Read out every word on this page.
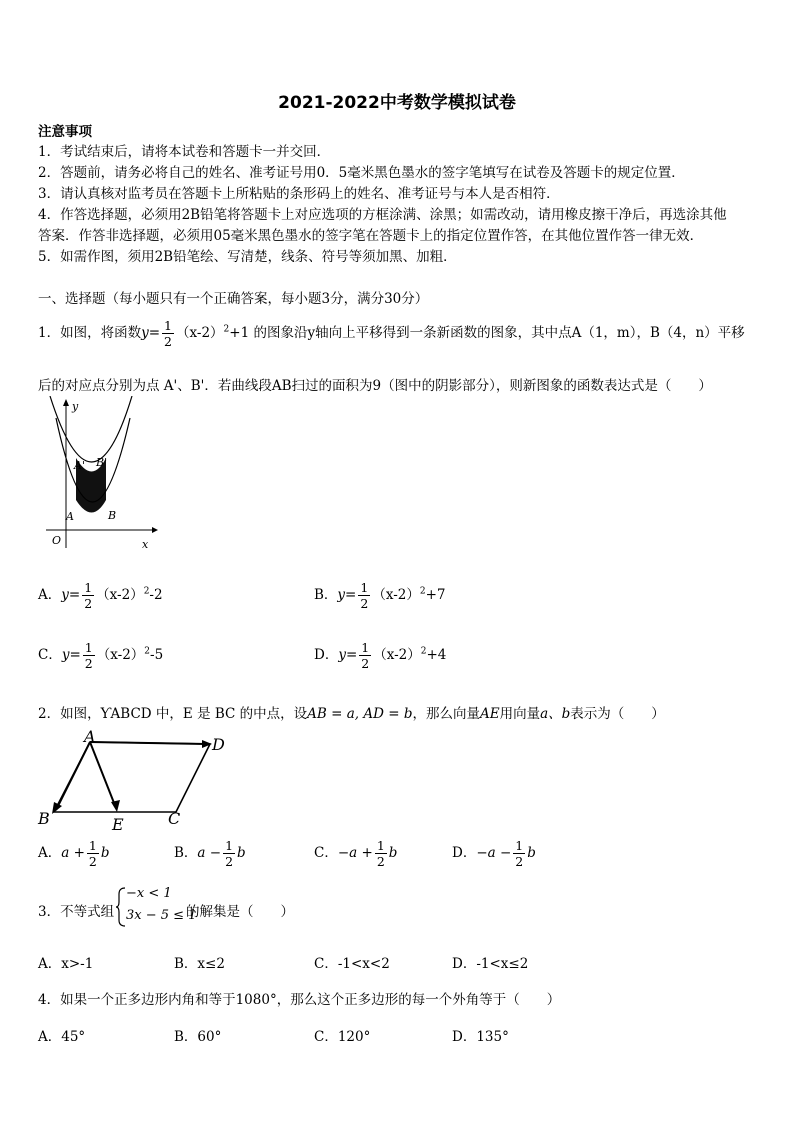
2021-2022中考数学模拟试卷
注意事项
1．考试结束后，请将本试卷和答题卡一并交回．
2．答题前，请务必将自己的姓名、准考证号用0．5毫米黑色墨水的签字笔填写在试卷及答题卡的规定位置．
3．请认真核对监考员在答题卡上所粘贴的条形码上的姓名、准考证号与本人是否相符．
4．作答选择题，必须用2B铅笔将答题卡上对应选项的方框涂满、涂黑；如需改动，请用橡皮擦干净后，再选涂其他
答案．作答非选择题，必须用05毫米黑色墨水的签字笔在答题卡上的指定位置作答，在其他位置作答一律无效．
5．如需作图，须用2B铅笔绘、写清楚，线条、符号等须加黑、加粗．
一、选择题（每小题只有一个正确答案，每小题3分，满分30分）
1．如图，将函数$y= \frac{1}{2} (x-2)^2+1$ 的图象沿y轴向上平移得到一条新函数的图象，其中点A（1，m），B（4，n）平移
后的对应点分别为点 A'、B'．若曲线段AB扫过的面积为9（图中的阴影部分），则新图象的函数表达式是（　　）
A' B'
A	B
O
y
x
A．$y= \frac{1}{2} (x-2)^2-2$	B．$y= \frac{1}{2} (x-2)^2+7$
C．$y= \frac{1}{2} (x-2)^2-5$	D．$y= \frac{1}{2} (x-2)^2+4$
2．如图，ƳABCD 中，E 是 BC 的中点，设AB = a, AD = b，那么向量AE用向量a、b表示为（　　）
A	D
B	E	C
A．$a + \frac{1}{2}$ b	B．$a - \frac{1}{2}$ b	C．$-a + \frac{1}{2}$ b	D．$-a - \frac{1}{2}$ b
3．不等式组
−x < 1
3x − 5 ≤ 1
的解集是（　　）
A．x>-1	B．x≤2	C．-1<x<2	D．-1<x≤2
4．如果一个正多边形内角和等于1080°，那么这个正多边形的每一个外角等于（　　）
A．45°	B．60°	C．120°	D．135°
